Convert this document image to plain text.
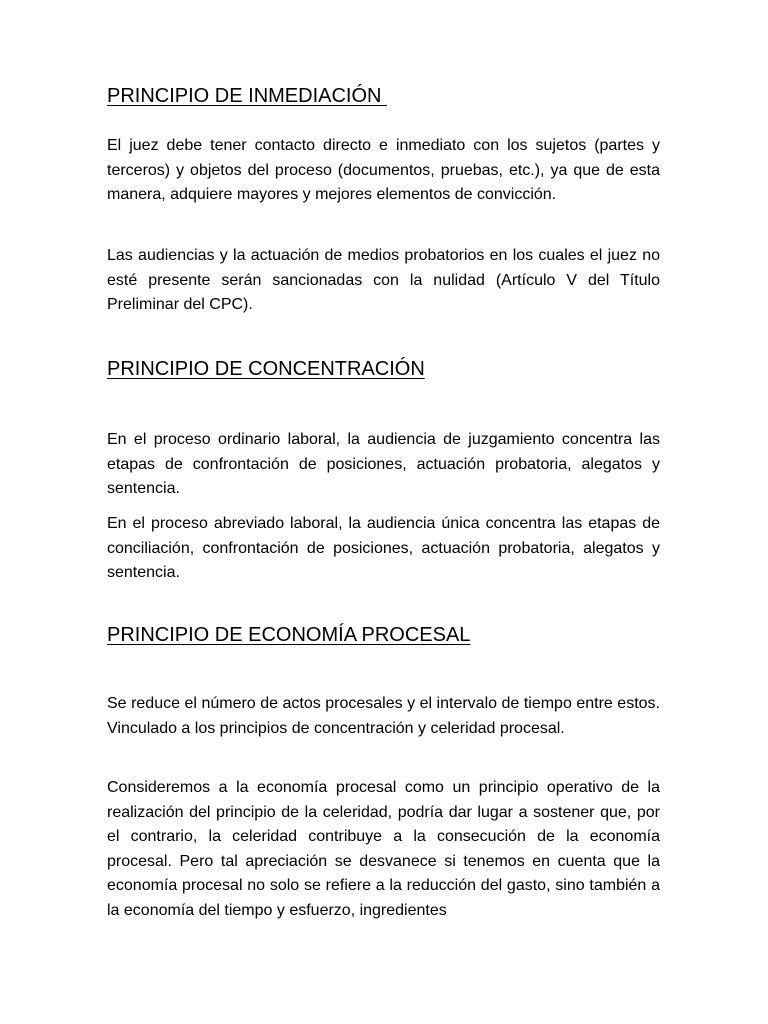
PRINCIPIO DE INMEDIACIÓN

El juez debe tener contacto directo e inmediato con los sujetos (partes y terceros) y objetos del proceso (documentos, pruebas, etc.), ya que de esta manera, adquiere mayores y mejores elementos de convicción.

Las audiencias y la actuación de medios probatorios en los cuales el juez no esté presente serán sancionadas con la nulidad (Artículo V del Título Preliminar del CPC).

PRINCIPIO DE CONCENTRACIÓN

En el proceso ordinario laboral, la audiencia de juzgamiento concentra las etapas de confrontación de posiciones, actuación probatoria, alegatos y sentencia.

En el proceso abreviado laboral, la audiencia única concentra las etapas de conciliación, confrontación de posiciones, actuación probatoria, alegatos y sentencia.

PRINCIPIO DE ECONOMÍA PROCESAL

Se reduce el número de actos procesales y el intervalo de tiempo entre estos. Vinculado a los principios de concentración y celeridad procesal.

Consideremos a la economía procesal como un principio operativo de la realización del principio de la celeridad, podría dar lugar a sostener que, por el contrario, la celeridad contribuye a la consecución de la economía procesal. Pero tal apreciación se desvanece si tenemos en cuenta que la economía procesal no solo se refiere a la reducción del gasto, sino también a la economía del tiempo y esfuerzo, ingredientes
